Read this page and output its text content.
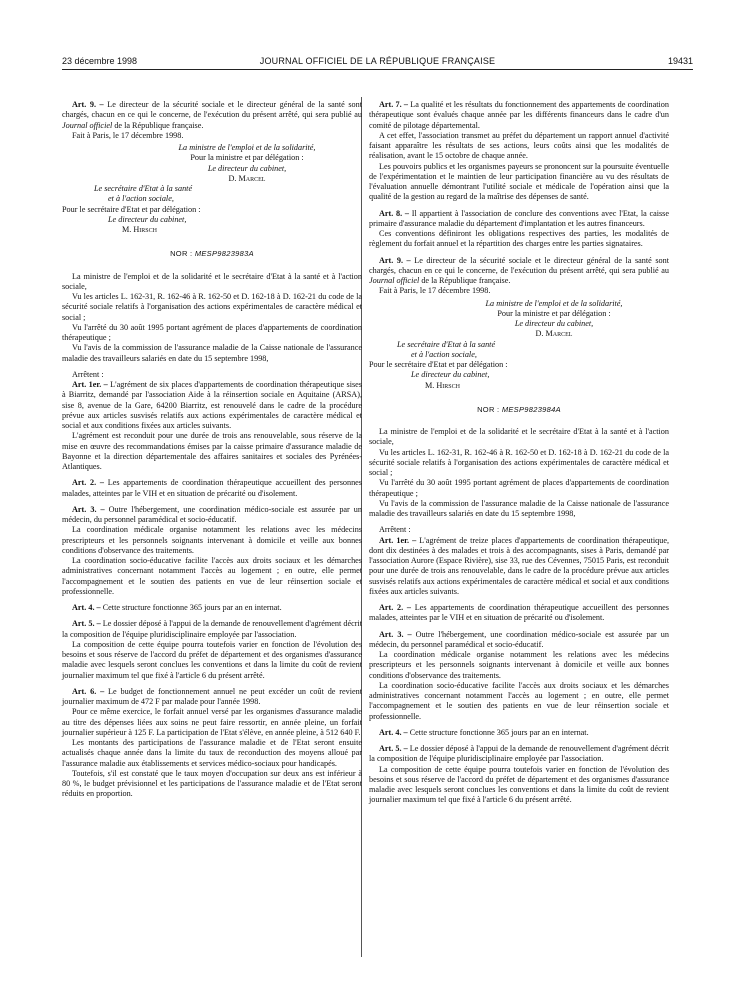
23 décembre 1998	JOURNAL OFFICIEL DE LA RÉPUBLIQUE FRANÇAISE	19431

Art. 9. – Le directeur de la sécurité sociale et le directeur général de la santé sont chargés, chacun en ce qui le concerne, de l'exécution du présent arrêté, qui sera publié au Journal officiel de la République française.

Fait à Paris, le 17 décembre 1998.

La ministre de l'emploi et de la solidarité,

Pour la ministre et par délégation :

Le directeur du cabinet,

D. Marcel

Le secrétaire d'Etat à la santé

et à l'action sociale,

Pour le secrétaire d'Etat et par délégation :

Le directeur du cabinet,

M. Hirsch

NOR : MESP9823983A

La ministre de l'emploi et de la solidarité et le secrétaire d'Etat à la santé et à l'action sociale,

Vu les articles L. 162-31, R. 162-46 à R. 162-50 et D. 162-18 à D. 162-21 du code de la sécurité sociale relatifs à l'organisation des actions expérimentales de caractère médical et social ;

Vu l'arrêté du 30 août 1995 portant agrément de places d'appartements de coordination thérapeutique ;

Vu l'avis de la commission de l'assurance maladie de la Caisse nationale de l'assurance maladie des travailleurs salariés en date du 15 septembre 1998,

Arrêtent :

Art. 1er. – L'agrément de six places d'appartements de coordination thérapeutique sises à Biarritz, demandé par l'association Aide à la réinsertion sociale en Aquitaine (ARSA), sise 8, avenue de la Gare, 64200 Biarritz, est renouvelé dans le cadre de la procédure prévue aux articles susvisés relatifs aux actions expérimentales de caractère médical et social et aux conditions fixées aux articles suivants.

L'agrément est reconduit pour une durée de trois ans renouvelable, sous réserve de la mise en œuvre des recommandations émises par la caisse primaire d'assurance maladie de Bayonne et la direction départementale des affaires sanitaires et sociales des Pyrénées-Atlantiques.

Art. 2. – Les appartements de coordination thérapeutique accueillent des personnes malades, atteintes par le VIH et en situation de précarité ou d'isolement.

Art. 3. – Outre l'hébergement, une coordination médico-sociale est assurée par un médecin, du personnel paramédical et socio-éducatif.

La coordination médicale organise notamment les relations avec les médecins prescripteurs et les personnels soignants intervenant à domicile et veille aux bonnes conditions d'observance des traitements.

La coordination socio-éducative facilite l'accès aux droits sociaux et les démarches administratives concernant notamment l'accès au logement ; en outre, elle permet l'accompagnement et le soutien des patients en vue de leur réinsertion sociale et professionnelle.

Art. 4. – Cette structure fonctionne 365 jours par an en internat.

Art. 5. – Le dossier déposé à l'appui de la demande de renouvellement d'agrément décrit la composition de l'équipe pluridisciplinaire employée par l'association.

La composition de cette équipe pourra toutefois varier en fonction de l'évolution des besoins et sous réserve de l'accord du préfet de département et des organismes d'assurance maladie avec lesquels seront conclues les conventions et dans la limite du coût de revient journalier maximum tel que fixé à l'article 6 du présent arrêté.

Art. 6. – Le budget de fonctionnement annuel ne peut excéder un coût de revient journalier maximum de 472 F par malade pour l'année 1998.

Pour ce même exercice, le forfait annuel versé par les organismes d'assurance maladie au titre des dépenses liées aux soins ne peut faire ressortir, en année pleine, un forfait journalier supérieur à 125 F. La participation de l'Etat s'élève, en année pleine, à 512 640 F.

Les montants des participations de l'assurance maladie et de l'Etat seront ensuite actualisés chaque année dans la limite du taux de reconduction des moyens alloué par l'assurance maladie aux établissements et services médico-sociaux pour handicapés.

Toutefois, s'il est constaté que le taux moyen d'occupation sur deux ans est inférieur à 80 %, le budget prévisionnel et les participations de l'assurance maladie et de l'Etat seront réduits en proportion.

Art. 7. – La qualité et les résultats du fonctionnement des appartements de coordination thérapeutique sont évalués chaque année par les différents financeurs dans le cadre d'un comité de pilotage départemental.

A cet effet, l'association transmet au préfet du département un rapport annuel d'activité faisant apparaître les résultats de ses actions, leurs coûts ainsi que les modalités de réalisation, avant le 15 octobre de chaque année.

Les pouvoirs publics et les organismes payeurs se prononcent sur la poursuite éventuelle de l'expérimentation et le maintien de leur participation financière au vu des résultats de l'évaluation annuelle démontrant l'utilité sociale et médicale de l'opération ainsi que la qualité de la gestion au regard de la maîtrise des dépenses de santé.

Art. 8. – Il appartient à l'association de conclure des conventions avec l'Etat, la caisse primaire d'assurance maladie du département d'implantation et les autres financeurs.

Ces conventions définiront les obligations respectives des parties, les modalités de règlement du forfait annuel et la répartition des charges entre les parties signataires.

Art. 9. – Le directeur de la sécurité sociale et le directeur général de la santé sont chargés, chacun en ce qui le concerne, de l'exécution du présent arrêté, qui sera publié au Journal officiel de la République française.

Fait à Paris, le 17 décembre 1998.

La ministre de l'emploi et de la solidarité,

Pour la ministre et par délégation :

Le directeur du cabinet,

D. Marcel

Le secrétaire d'Etat à la santé

et à l'action sociale,

Pour le secrétaire d'Etat et par délégation :

Le directeur du cabinet,

M. Hirsch

NOR : MESP9823984A

La ministre de l'emploi et de la solidarité et le secrétaire d'Etat à la santé et à l'action sociale,

Vu les articles L. 162-31, R. 162-46 à R. 162-50 et D. 162-18 à D. 162-21 du code de la sécurité sociale relatifs à l'organisation des actions expérimentales de caractère médical et social ;

Vu l'arrêté du 30 août 1995 portant agrément de places d'appartements de coordination thérapeutique ;

Vu l'avis de la commission de l'assurance maladie de la Caisse nationale de l'assurance maladie des travailleurs salariés en date du 15 septembre 1998,

Arrêtent :

Art. 1er. – L'agrément de treize places d'appartements de coordination thérapeutique, dont dix destinées à des malades et trois à des accompagnants, sises à Paris, demandé par l'association Aurore (Espace Rivière), sise 33, rue des Cévennes, 75015 Paris, est reconduit pour une durée de trois ans renouvelable, dans le cadre de la procédure prévue aux articles susvisés relatifs aux actions expérimentales de caractère médical et social et aux conditions fixées aux articles suivants.

Art. 2. – Les appartements de coordination thérapeutique accueillent des personnes malades, atteintes par le VIH et en situation de précarité ou d'isolement.

Art. 3. – Outre l'hébergement, une coordination médico-sociale est assurée par un médecin, du personnel paramédical et socio-éducatif.

La coordination médicale organise notamment les relations avec les médecins prescripteurs et les personnels soignants intervenant à domicile et veille aux bonnes conditions d'observance des traitements.

La coordination socio-éducative facilite l'accès aux droits sociaux et les démarches administratives concernant notamment l'accès au logement ; en outre, elle permet l'accompagnement et le soutien des patients en vue de leur réinsertion sociale et professionnelle.

Art. 4. – Cette structure fonctionne 365 jours par an en internat.

Art. 5. – Le dossier déposé à l'appui de la demande de renouvellement d'agrément décrit la composition de l'équipe pluridisciplinaire employée par l'association.

La composition de cette équipe pourra toutefois varier en fonction de l'évolution des besoins et sous réserve de l'accord du préfet de département et des organismes d'assurance maladie avec lesquels seront conclues les conventions et dans la limite du coût de revient journalier maximum tel que fixé à l'article 6 du présent arrêté.
